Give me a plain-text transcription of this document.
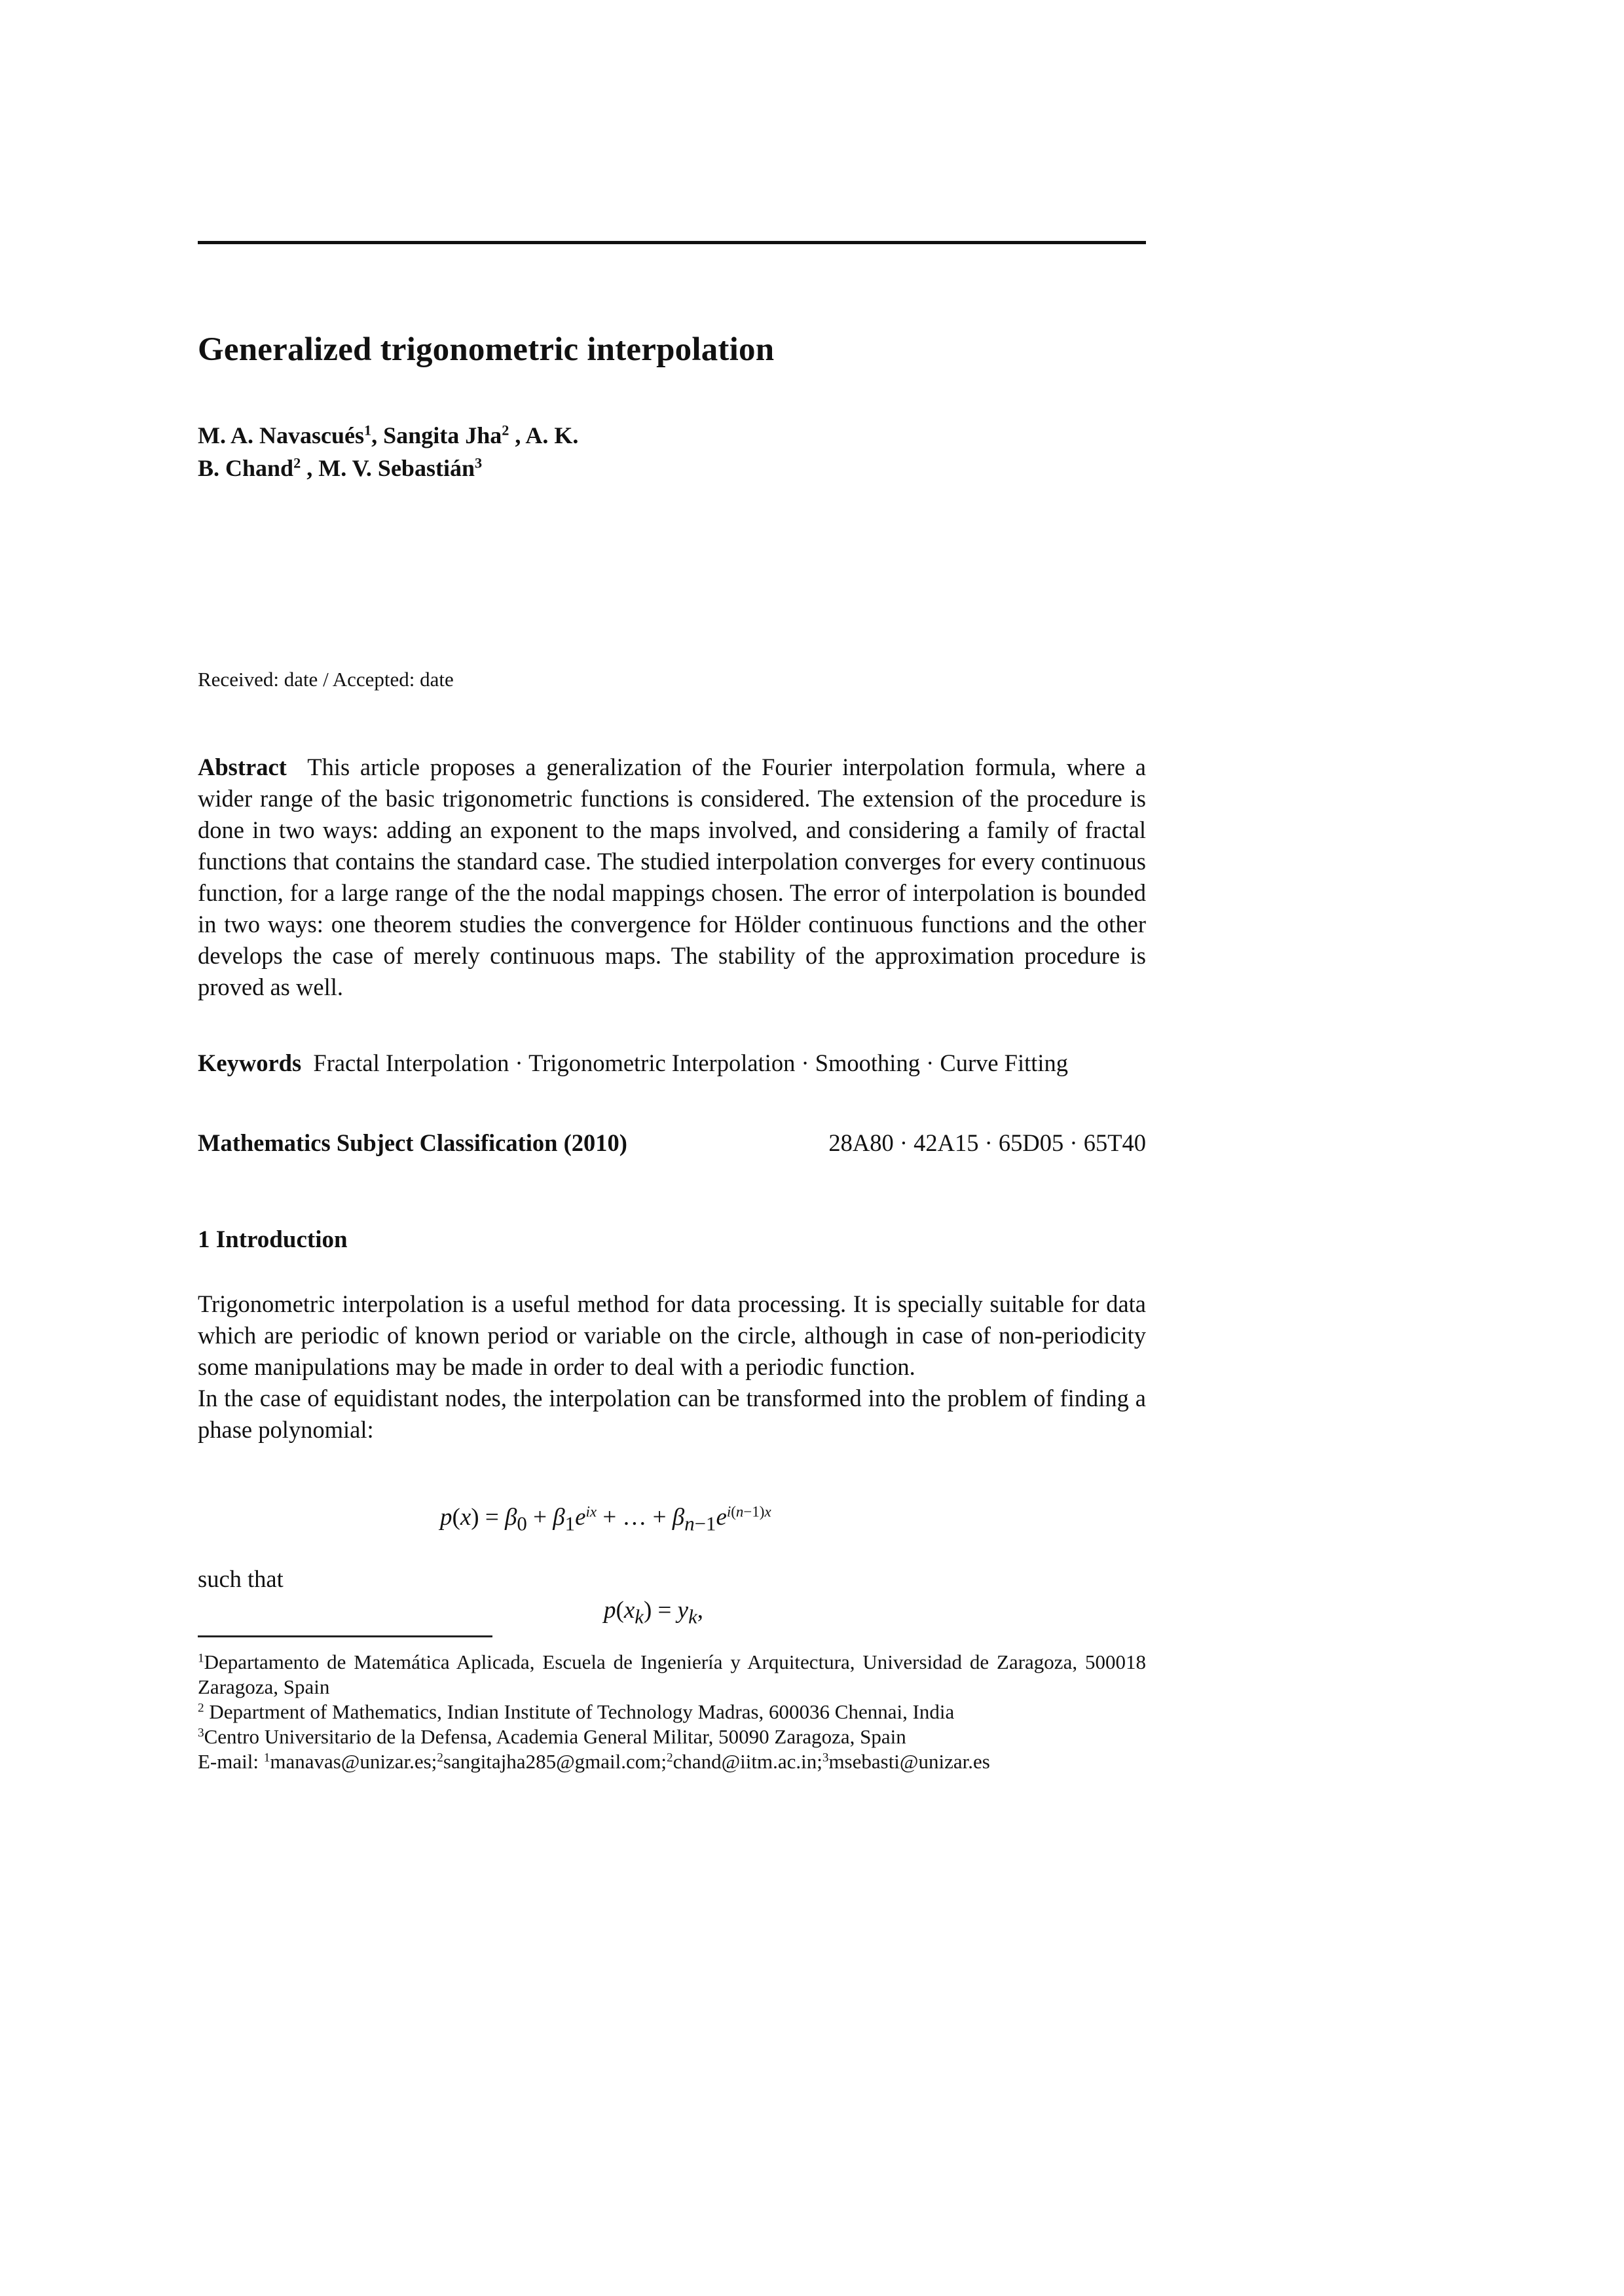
Generalized trigonometric interpolation
M. A. Navascués$^1$, Sangita Jha$^2$ , A. K.
B. Chand$^2$ , M. V. Sebastián$^3$
Received: date / Accepted: date
Abstract This article proposes a generalization of the Fourier interpolation formula, where a wider range of the basic trigonometric functions is considered. The extension of the procedure is done in two ways: adding an exponent to the maps involved, and considering a family of fractal functions that contains the standard case. The studied interpolation converges for every continuous function, for a large range of the the nodal mappings chosen. The error of interpolation is bounded in two ways: one theorem studies the convergence for Hölder continuous functions and the other develops the case of merely continuous maps. The stability of the approximation procedure is proved as well.
Keywords Fractal Interpolation · Trigonometric Interpolation · Smoothing · Curve Fitting
Mathematics Subject Classification (2010)	28A80 · 42A15 · 65D05 · 65T40
1 Introduction
Trigonometric interpolation is a useful method for data processing. It is specially suitable for data which are periodic of known period or variable on the circle, although in case of non-periodicity some manipulations may be made in order to deal with a periodic function.
In the case of equidistant nodes, the interpolation can be transformed into the problem of finding a phase polynomial:
$p(x) = \beta_0 + \beta_1e^{ix}$ + … + $\beta_{n-1}e^{i(n-1)x}$
such that
$p(x_k) = y_k$,
$^1$Departamento de Matemática Aplicada, Escuela de Ingeniería y Arquitectura, Universidad de Zaragoza, 500018 Zaragoza, Spain
$^2$ Department of Mathematics, Indian Institute of Technology Madras, 600036 Chennai, India
$^3$Centro Universitario de la Defensa, Academia General Militar, 50090 Zaragoza, Spain
E-mail: $^1$manavas@unizar.es;$^2$sangitajha285@gmail.com;$^2$chand@iitm.ac.in;$^3$msebasti@unizar.es
